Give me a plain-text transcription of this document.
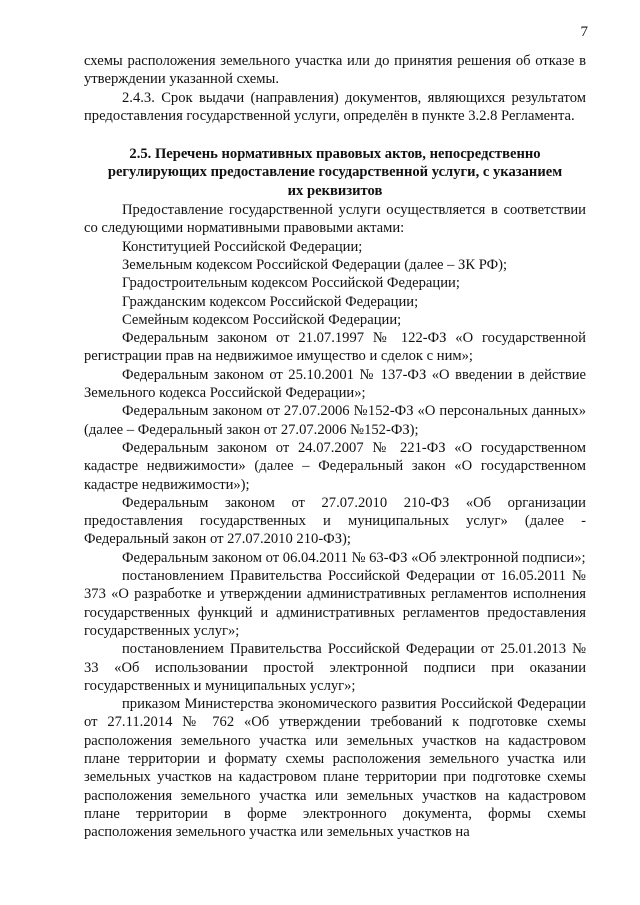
7

схемы расположения земельного участка или до принятия решения об отказе в утверждении указанной схемы.

2.4.3. Срок выдачи (направления) документов, являющихся результатом предоставления государственной услуги, определён в пункте 3.2.8 Регламента.

2.5. Перечень нормативных правовых актов, непосредственно регулирующих предоставление государственной услуги, с указанием их реквизитов

Предоставление государственной услуги осуществляется в соответствии со следующими нормативными правовыми актами:

Конституцией Российской Федерации;

Земельным кодексом Российской Федерации (далее – ЗК РФ);

Градостроительным кодексом Российской Федерации;

Гражданским кодексом Российской Федерации;

Семейным кодексом Российской Федерации;

Федеральным законом от 21.07.1997 № 122-ФЗ «О государственной регистрации прав на недвижимое имущество и сделок с ним»;

Федеральным законом от 25.10.2001 № 137-ФЗ «О введении в действие Земельного кодекса Российской Федерации»;

Федеральным законом от 27.07.2006 №152-ФЗ «О персональных данных» (далее – Федеральный закон от 27.07.2006 №152-ФЗ);

Федеральным законом от 24.07.2007 № 221-ФЗ «О государственном кадастре недвижимости» (далее – Федеральный закон «О государственном кадастре недвижимости»);

Федеральным законом от 27.07.2010 210-ФЗ «Об организации предоставления государственных и муниципальных услуг» (далее - Федеральный закон от 27.07.2010 210-ФЗ);

Федеральным законом от 06.04.2011 № 63-ФЗ «Об электронной подписи»;

постановлением Правительства Российской Федерации от 16.05.2011 № 373 «О разработке и утверждении административных регламентов исполнения государственных функций и административных регламентов предоставления государственных услуг»;

постановлением Правительства Российской Федерации от 25.01.2013 № 33 «Об использовании простой электронной подписи при оказании государственных и муниципальных услуг»;

приказом Министерства экономического развития Российской Федерации от 27.11.2014 № 762 «Об утверждении требований к подготовке схемы расположения земельного участка или земельных участков на кадастровом плане территории и формату схемы расположения земельного участка или земельных участков на кадастровом плане территории при подготовке схемы расположения земельного участка или земельных участков на кадастровом плане территории в форме электронного документа, формы схемы расположения земельного участка или земельных участков на
